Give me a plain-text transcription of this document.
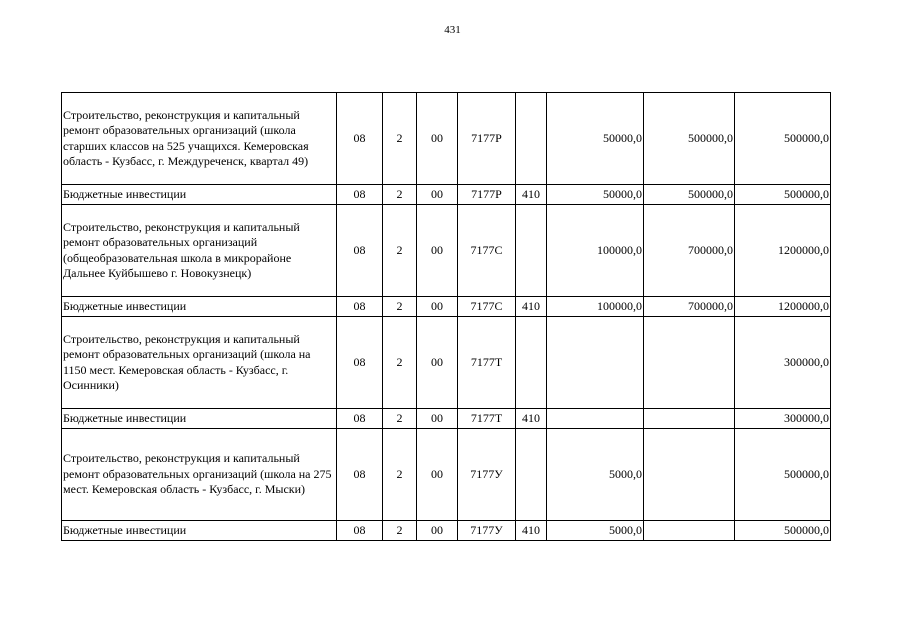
431
Строительство, реконструкция и капитальный ремонт образовательных организаций (школа старших классов на 525 учащихся. Кемеровская область - Кузбасс, г. Междуреченск, квартал 49)	08	2	00	7177Р		50000,0	500000,0	500000,0
Бюджетные инвестиции	08	2	00	7177Р	410	50000,0	500000,0	500000,0
Строительство, реконструкция и капитальный ремонт образовательных организаций (общеобразовательная школа в микрорайоне Дальнее Куйбышево г. Новокузнецк)	08	2	00	7177С		100000,0	700000,0	1200000,0
Бюджетные инвестиции	08	2	00	7177С	410	100000,0	700000,0	1200000,0
Строительство, реконструкция и капитальный ремонт образовательных организаций (школа на 1150 мест. Кемеровская область - Кузбасс, г. Осинники)	08	2	00	7177Т				300000,0
Бюджетные инвестиции	08	2	00	7177Т	410			300000,0
Строительство, реконструкция и капитальный ремонт образовательных организаций (школа на 275 мест. Кемеровская область - Кузбасс, г. Мыски)	08	2	00	7177У		5000,0		500000,0
Бюджетные инвестиции	08	2	00	7177У	410	5000,0		500000,0
